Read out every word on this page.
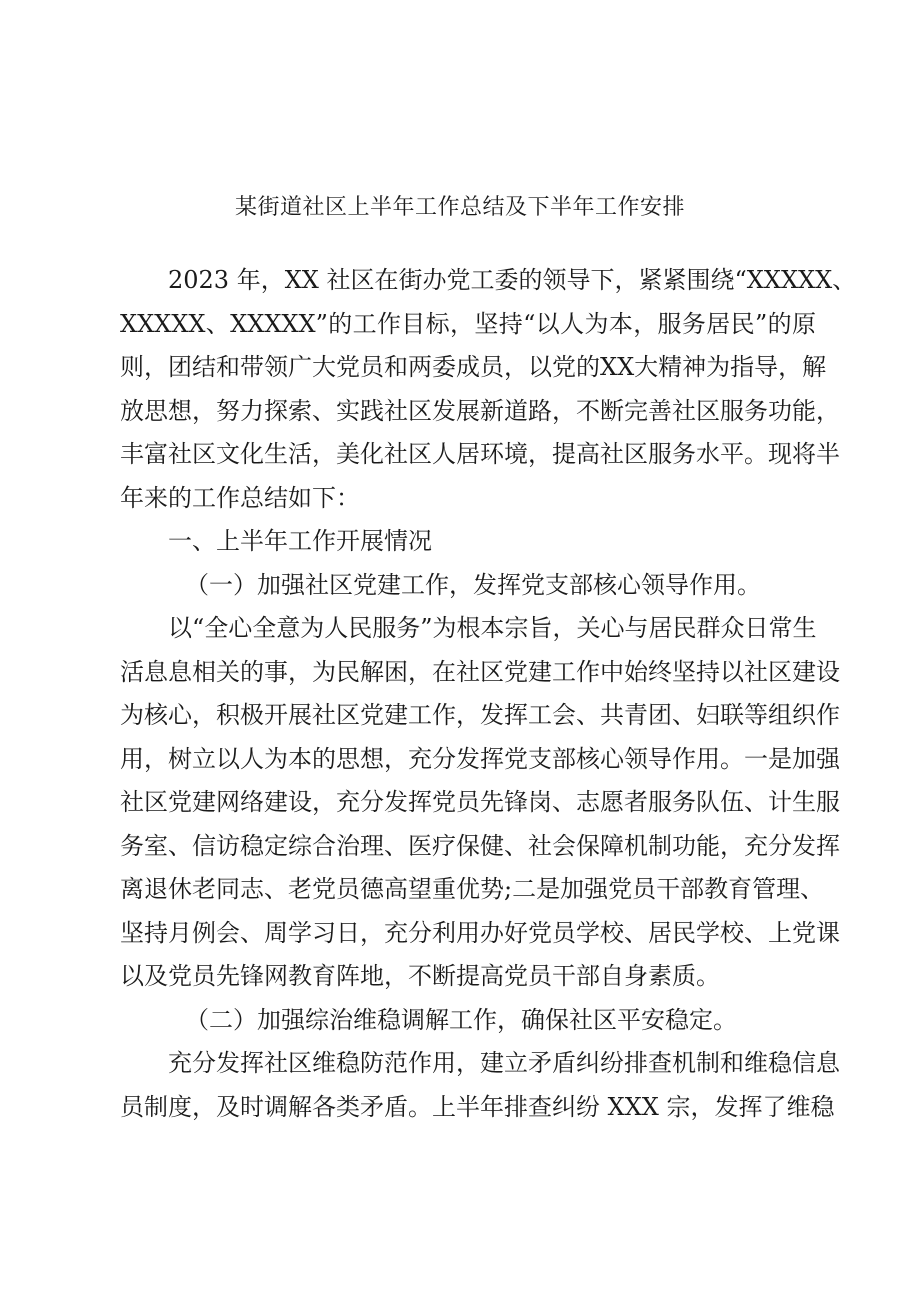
某街道社区上半年工作总结及下半年工作安排
2023 年，XX 社区在街办党工委的领导下，紧紧围绕“XXXXX、
XXXXX、XXXXX”的工作目标，坚持“以人为本，服务居民”的原
则，团结和带领广大党员和两委成员，以党的XX大精神为指导，解
放思想，努力探索、实践社区发展新道路，不断完善社区服务功能，
丰富社区文化生活，美化社区人居环境，提高社区服务水平。现将半
年来的工作总结如下：
一、上半年工作开展情况
（一）加强社区党建工作，发挥党支部核心领导作用。
以“全心全意为人民服务”为根本宗旨，关心与居民群众日常生
活息息相关的事，为民解困，在社区党建工作中始终坚持以社区建设
为核心，积极开展社区党建工作，发挥工会、共青团、妇联等组织作
用，树立以人为本的思想，充分发挥党支部核心领导作用。一是加强
社区党建网络建设，充分发挥党员先锋岗、志愿者服务队伍、计生服
务室、信访稳定综合治理、医疗保健、社会保障机制功能，充分发挥
离退休老同志、老党员德高望重优势;二是加强党员干部教育管理、
坚持月例会、周学习日，充分利用办好党员学校、居民学校、上党课
以及党员先锋网教育阵地，不断提高党员干部自身素质。
（二）加强综治维稳调解工作，确保社区平安稳定。
充分发挥社区维稳防范作用，建立矛盾纠纷排查机制和维稳信息
员制度，及时调解各类矛盾。上半年排查纠纷 XXX 宗，发挥了维稳
